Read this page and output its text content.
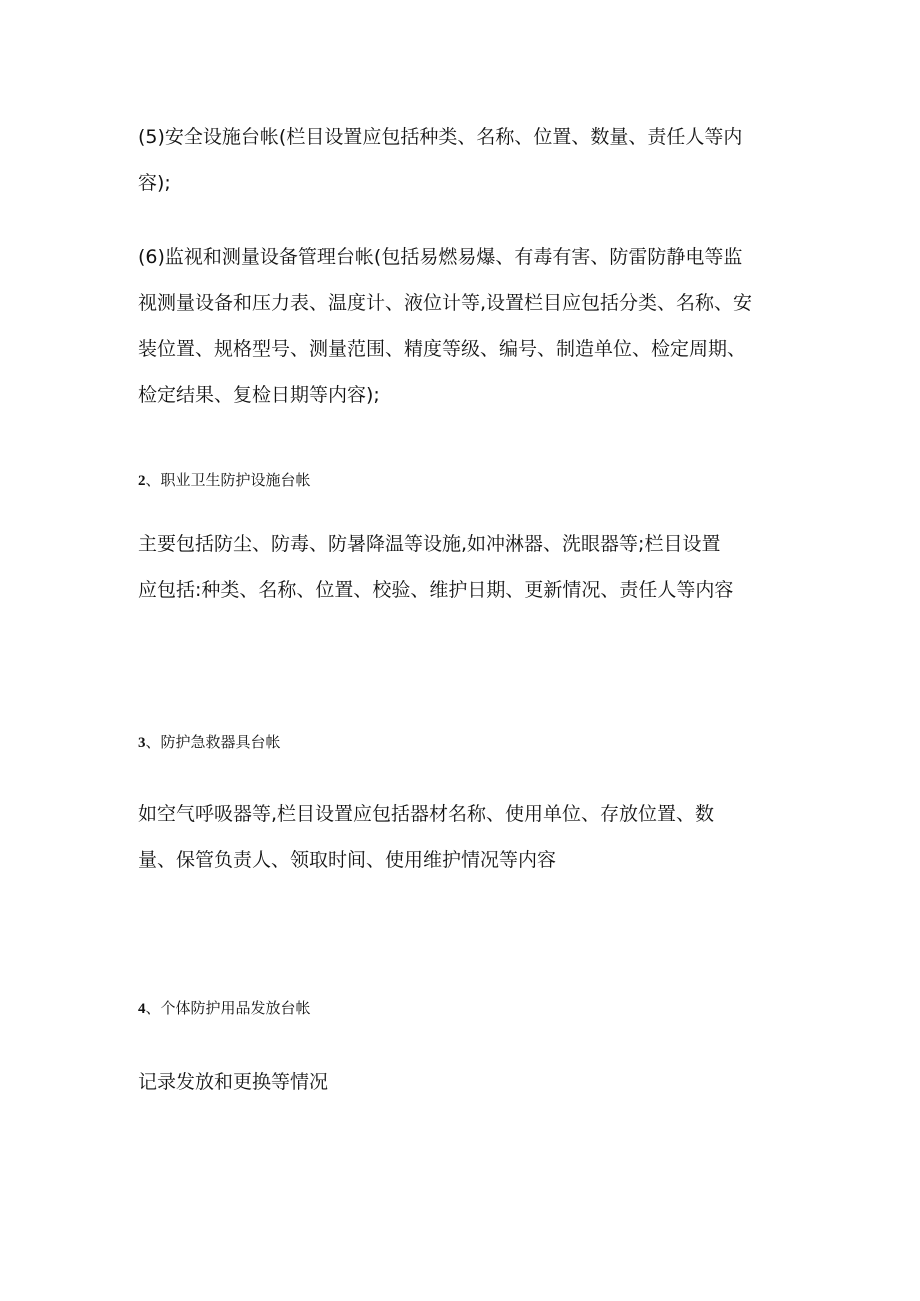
(5)安全设施台帐(栏目设置应包括种类、名称、位置、数量、责任人等内
容);

(6)监视和测量设备管理台帐(包括易燃易爆、有毒有害、防雷防静电等监
视测量设备和压力表、温度计、液位计等,设置栏目应包括分类、名称、安
装位置、规格型号、测量范围、精度等级、编号、制造单位、检定周期、
检定结果、复检日期等内容);

2、职业卫生防护设施台帐

主要包括防尘、防毒、防暑降温等设施,如冲淋器、洗眼器等;栏目设置
应包括:种类、名称、位置、校验、维护日期、更新情况、责任人等内容

3、防护急救器具台帐

如空气呼吸器等,栏目设置应包括器材名称、使用单位、存放位置、数
量、保管负责人、领取时间、使用维护情况等内容

4、个体防护用品发放台帐

记录发放和更换等情况
